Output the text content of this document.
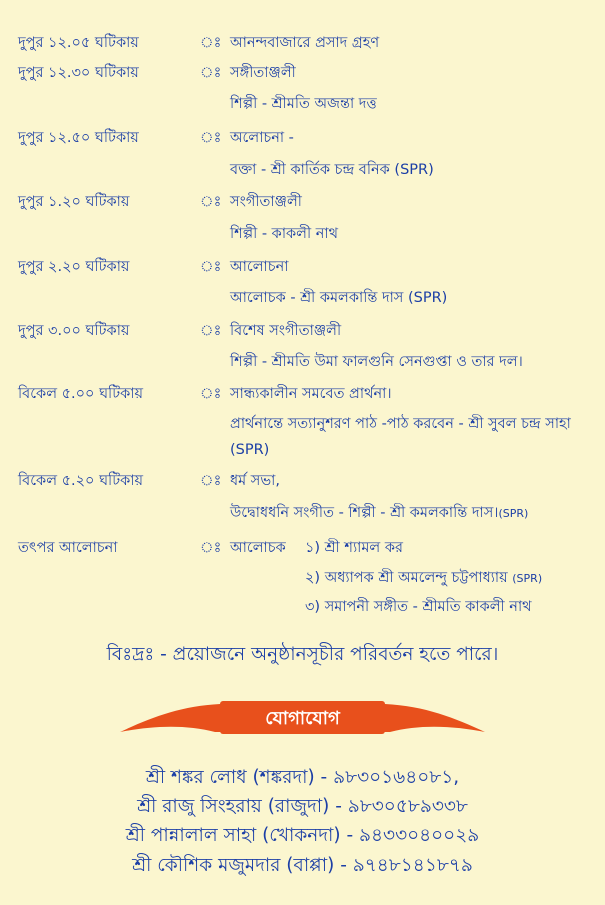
দুপুর ১২.০৫ ঘটিকায়	ঃ আনন্দবাজারে প্রসাদ গ্রহণ
দুপুর ১২.৩০ ঘটিকায়	ঃ সঙ্গীতাঞ্জলী
শিল্পী - শ্রীমতি অজন্তা দত্ত
দুপুর ১২.৫০ ঘটিকায়	ঃ অলোচনা -
বক্তা - শ্রী কার্তিক চন্দ্র বনিক (SPR)
দুপুর ১.২০ ঘটিকায়	ঃ সংগীতাঞ্জলী
শিল্পী - কাকলী নাথ
দুপুর ২.২০ ঘটিকায়	ঃ আলোচনা
আলোচক - শ্রী কমলকান্তি দাস (SPR)
দুপুর ৩.০০ ঘটিকায়	ঃ বিশেষ সংগীতাঞ্জলী
শিল্পী - শ্রীমতি উমা ফালগুনি সেনগুপ্তা ও তার দল।
বিকেল ৫.০০ ঘটিকায়	ঃ সান্ধ্যকালীন সমবেত প্রার্থনা।
প্রার্থনান্তে সত্যানুশরণ পাঠ -পাঠ করবেন - শ্রী সুবল চন্দ্র সাহা (SPR)
বিকেল ৫.২০ ঘটিকায়	ঃ ধর্ম সভা,
উদ্বোধধনি সংগীত - শিল্পী - শ্রী কমলকান্তি দাস।(SPR)
তৎপর আলোচনা	ঃ আলোচক ১) শ্রী শ্যামল কর
২) অধ্যাপক শ্রী অমলেন্দু চট্টপাধ্যায় (SPR)
৩) সমাপনী সঙ্গীত - শ্রীমতি কাকলী নাথ
বিঃদ্রঃ - প্রয়োজনে অনুষ্ঠানসূচীর পরিবর্তন হতে পারে।
যোগাযোগ
শ্রী শঙ্কর লোধ (শঙ্করদা) - ৯৮৩০১৬৪০৮১,
শ্রী রাজু সিংহরায় (রাজুদা) - ৯৮৩০৫৮৯৩৩৮
শ্রী পান্নালাল সাহা (খোকনদা) - ৯৪৩৩০৪০০২৯
শ্রী কৌশিক মজুমদার (বাপ্পা) - ৯৭৪৮১৪১৮৭৯
